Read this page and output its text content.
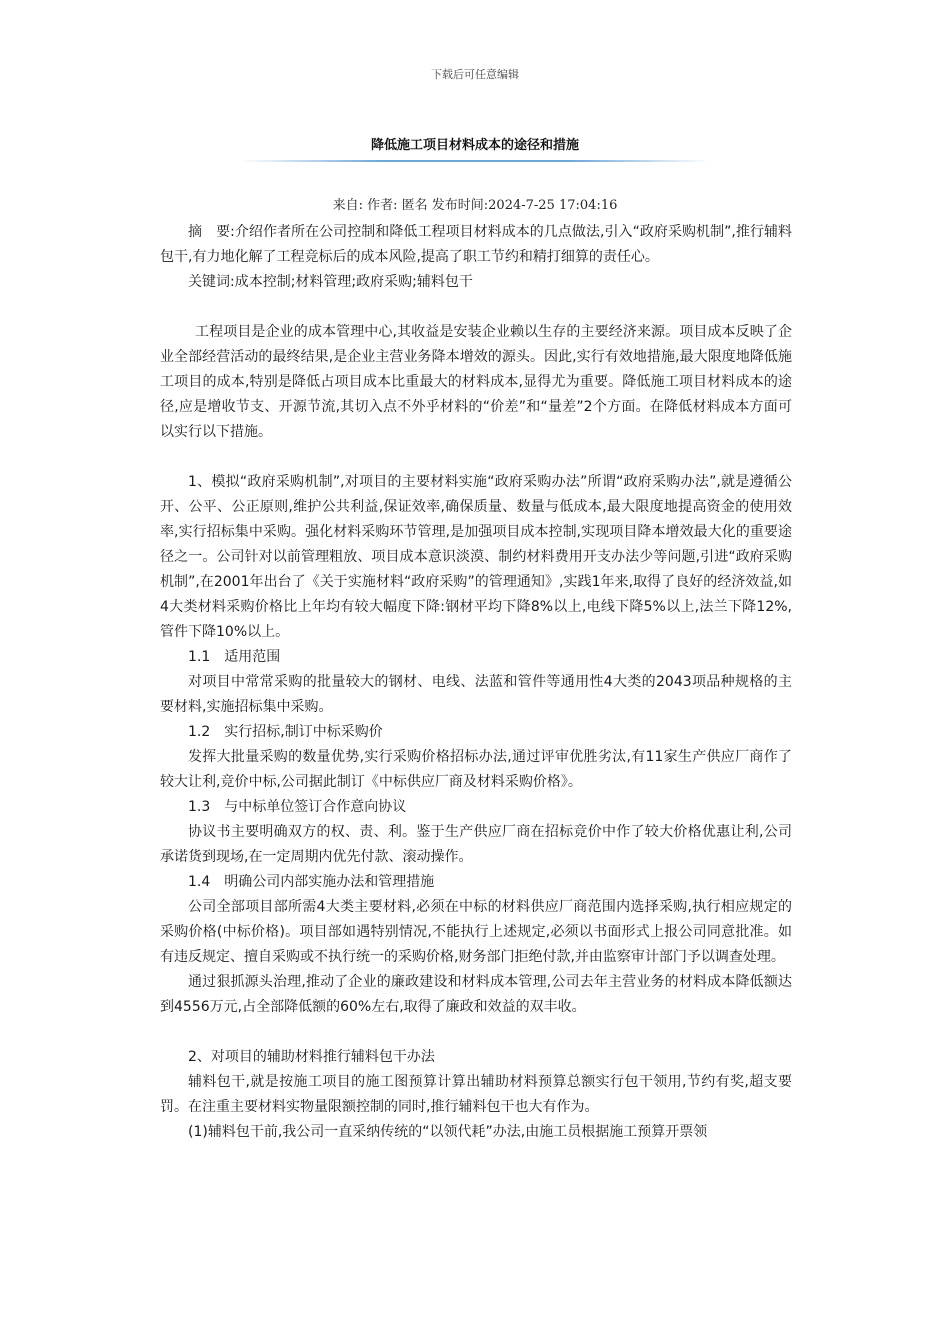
下载后可任意编辑
降低施工项目材料成本的途径和措施
来自: 作者: 匿名 发布时间:2024-7-25 17:04:16

摘　要:介绍作者所在公司控制和降低工程项目材料成本的几点做法,引入“政府采购机制”,推行辅料包干,有力地化解了工程竞标后的成本风险,提高了职工节约和精打细算的责任心。

关键词:成本控制;材料管理;政府采购;辅料包干

工程项目是企业的成本管理中心,其收益是安装企业赖以生存的主要经济来源。项目成本反映了企业全部经营活动的最终结果,是企业主营业务降本增效的源头。因此,实行有效地措施,最大限度地降低施工项目的成本,特别是降低占项目成本比重最大的材料成本,显得尤为重要。降低施工项目材料成本的途径,应是增收节支、开源节流,其切入点不外乎材料的“价差”和“量差”2个方面。在降低材料成本方面可以实行以下措施。

1、模拟“政府采购机制”,对项目的主要材料实施“政府采购办法”所谓“政府采购办法”,就是遵循公开、公平、公正原则,维护公共利益,保证效率,确保质量、数量与低成本,最大限度地提高资金的使用效率,实行招标集中采购。强化材料采购环节管理,是加强项目成本控制,实现项目降本增效最大化的重要途径之一。公司针对以前管理粗放、项目成本意识淡漠、制约材料费用开支办法少等问题,引进“政府采购机制”,在2001年出台了《关于实施材料“政府采购”的管理通知》,实践1年来,取得了良好的经济效益,如4大类材料采购价格比上年均有较大幅度下降:钢材平均下降8%以上,电线下降5%以上,法兰下降12%,管件下降10%以上。

1.1　适用范围

对项目中常常采购的批量较大的钢材、电线、法蓝和管件等通用性4大类的2043项品种规格的主要材料,实施招标集中采购。

1.2　实行招标,制订中标采购价

发挥大批量采购的数量优势,实行采购价格招标办法,通过评审优胜劣汰,有11家生产供应厂商作了较大让利,竞价中标,公司据此制订《中标供应厂商及材料采购价格》。

1.3　与中标单位签订合作意向协议

协议书主要明确双方的权、责、利。鉴于生产供应厂商在招标竞价中作了较大价格优惠让利,公司承诺货到现场,在一定周期内优先付款、滚动操作。

1.4　明确公司内部实施办法和管理措施

公司全部项目部所需4大类主要材料,必须在中标的材料供应厂商范围内选择采购,执行相应规定的采购价格(中标价格)。项目部如遇特别情况,不能执行上述规定,必须以书面形式上报公司同意批准。如有违反规定、擅自采购或不执行统一的采购价格,财务部门拒绝付款,并由监察审计部门予以调查处理。

通过狠抓源头治理,推动了企业的廉政建设和材料成本管理,公司去年主营业务的材料成本降低额达到4556万元,占全部降低额的60%左右,取得了廉政和效益的双丰收。

2、对项目的辅助材料推行辅料包干办法

辅料包干,就是按施工项目的施工图预算计算出辅助材料预算总额实行包干领用,节约有奖,超支要罚。在注重主要材料实物量限额控制的同时,推行辅料包干也大有作为。

(1)辅料包干前,我公司一直采纳传统的“以领代耗”办法,由施工员根据施工预算开票领
